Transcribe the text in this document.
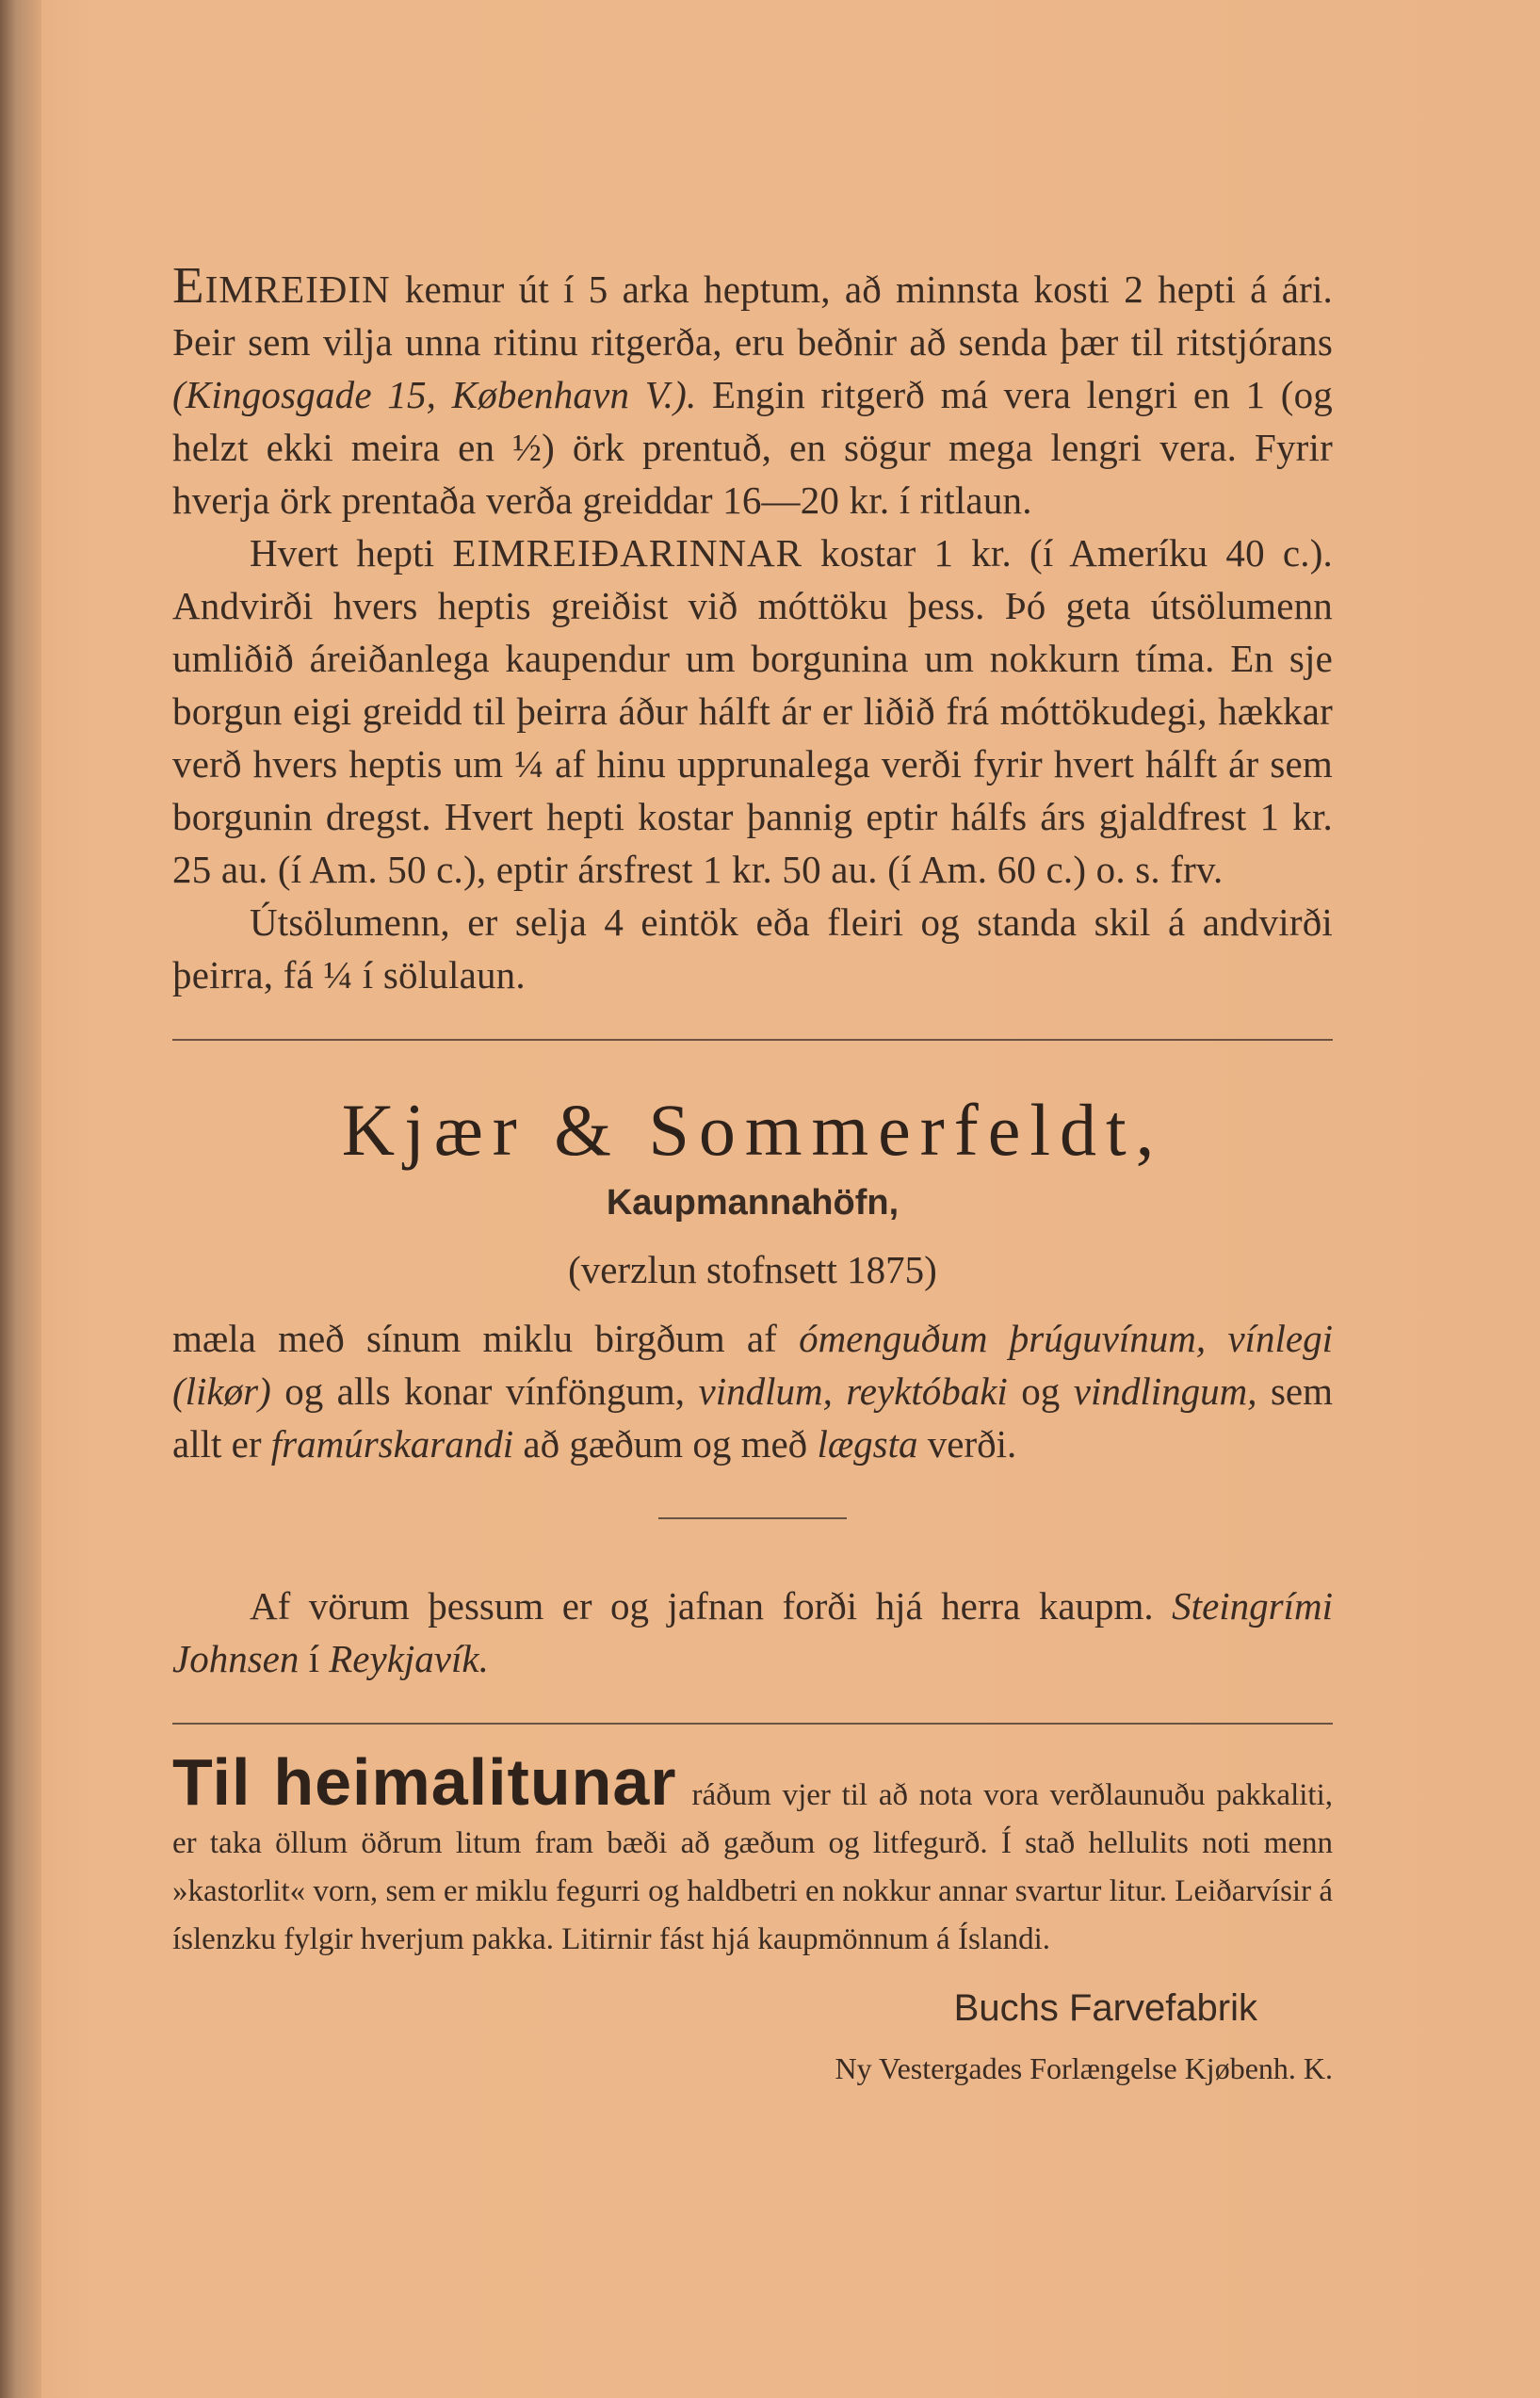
EIMREIÐIN kemur út í 5 arka heptum, að minnsta kosti 2 hepti á ári. Þeir sem vilja unna ritinu ritgerða, eru beðnir að senda þær til ritstjórans (Kingosgade 15, København V.). Engin ritgerð má vera lengri en 1 (og helzt ekki meira en ½) örk prentuð, en sögur mega lengri vera. Fyrir hverja örk prentaða verða greiddar 16—20 kr. í ritlaun.

Hvert hepti EIMREIÐARINNAR kostar 1 kr. (í Ameríku 40 c.). Andvirði hvers heptis greiðist við móttöku þess. Þó geta útsölumenn umliðið áreiðanlega kaupendur um borgunina um nokkurn tíma. En sje borgun eigi greidd til þeirra áður hálft ár er liðið frá móttökudegi, hækkar verð hvers heptis um ¼ af hinu upprunalega verði fyrir hvert hálft ár sem borgunin dregst. Hvert hepti kostar þannig eptir hálfs árs gjaldfrest 1 kr. 25 au. (í Am. 50 c.), eptir ársfrest 1 kr. 50 au. (í Am. 60 c.) o. s. frv.

Útsölumenn, er selja 4 eintök eða fleiri og standa skil á andvirði þeirra, fá ¼ í sölulaun.

Kjær & Sommerfeldt,
Kaupmannahöfn,
(verzlun stofnsett 1875)

mæla með sínum miklu birgðum af ómenguðum þrúguvínum, vínlegi (likør) og alls konar vínföngum, vindlum, reyktóbaki og vindlingum, sem allt er framúrskarandi að gæðum og með lægsta verði.

Af vörum þessum er og jafnan forði hjá herra kaupm. Steingrími Johnsen í Reykjavík.

Til heimalitunar ráðum vjer til að nota vora verðlaunuðu pakkaliti, er taka öllum öðrum litum fram bæði að gæðum og litfegurð. Í stað hellulits noti menn »kastorlit« vorn, sem er miklu fegurri og haldbetri en nokkur annar svartur litur. Leiðarvísir á íslenzku fylgir hverjum pakka. Litirnir fást hjá kaupmönnum á Íslandi.

Buchs Farvefabrik
Ny Vestergades Forlængelse Kjøbenh. K.
